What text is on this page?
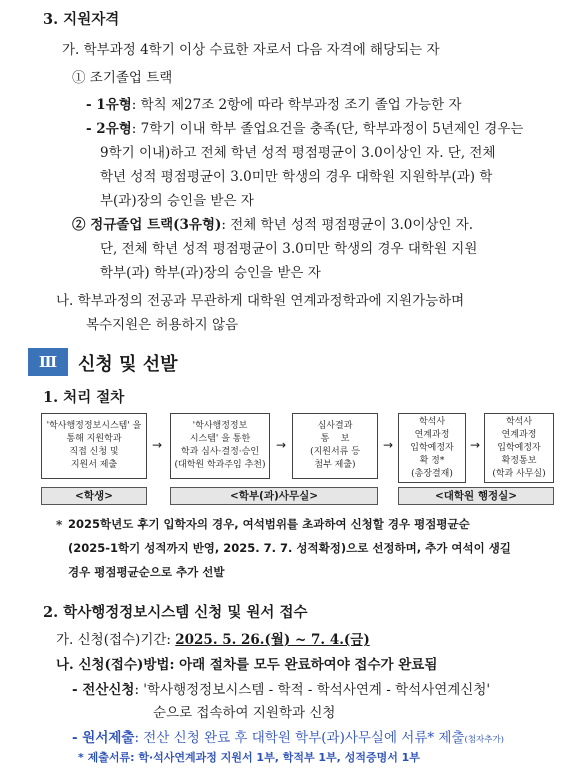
3. 지원자격
가. 학부과정 4학기 이상 수료한 자로서 다음 자격에 해당되는 자
① 조기졸업 트랙
- 1유형: 학칙 제27조 2항에 따라 학부과정 조기 졸업 가능한 자
- 2유형: 7학기 이내 학부 졸업요건을 충족(단, 학부과정이 5년제인 경우는
9학기 이내)하고 전체 학년 성적 평점평균이 3.0이상인 자. 단, 전체
학년 성적 평점평균이 3.0미만 학생의 경우 대학원 지원학부(과) 학
부(과)장의 승인을 받은 자
② 정규졸업 트랙(3유형): 전체 학년 성적 평점평균이 3.0이상인 자.
단, 전체 학년 성적 평점평균이 3.0미만 학생의 경우 대학원 지원
학부(과) 학부(과)장의 승인을 받은 자
나. 학부과정의 전공과 무관하게 대학원 연계과정학과에 지원가능하며
복수지원은 허용하지 않음
Ⅲ	신청 및 선발
1. 처리 절차
'학사행정정보시스템' 을
통해 지원학과
직접 신청 및
지원서 제출
→
'학사행정정보
시스템' 을 통한
학과 심사·결정·승인
(대학원 학과주임 추천)
→
심사결과
통    보
(지원서류 등
첨부 제출)
→
학석사
연계과정
입학예정자
확 정*
(총장결재)
→
학석사
연계과정
입학예정자
확정통보
(학과 사무실)
<학생>	<학부(과)사무실>	<대학원 행정실>
* 2025학년도 후기 입학자의 경우, 여석범위를 초과하여 신청할 경우 평점평균순
(2025-1학기 성적까지 반영, 2025. 7. 7. 성적확정)으로 선정하며, 추가 여석이 생길
경우 평점평균순으로 추가 선발
2. 학사행정정보시스템 신청 및 원서 접수
가. 신청(접수)기간: 2025. 5. 26.(월) ~ 7. 4.(금)
나. 신청(접수)방법: 아래 절차를 모두 완료하여야 접수가 완료됨
- 전산신청: '학사행정정보시스템 - 학적 - 학석사연계 - 학석사연계신청'
순으로 접속하여 지원학과 신청
- 원서제출: 전산 신청 완료 후 대학원 학부(과)사무실에 서류* 제출(첨자추가)
* 제출서류: 학·석사연계과정 지원서 1부, 학적부 1부, 성적증명서 1부
